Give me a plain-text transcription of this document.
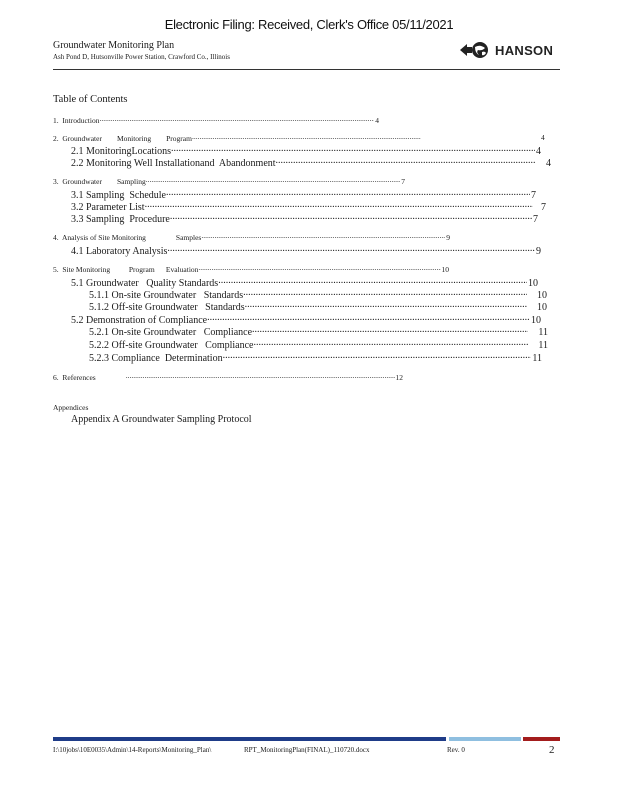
Electronic Filing: Received, Clerk's Office 05/11/2021
Groundwater Monitoring Plan
Ash Pond D, Hutsonville Power Station, Crawford Co., Illinois	HANSON
Table of Contents
1.  Introduction .....	4
2.  Groundwater        Monitoring        Program .....	4
2.1 MonitoringLocations .....	4
2.2 Monitoring Well Installationand  Abandonment .....	4
3.  Groundwater        Sampling .....	7
3.1 Sampling  Schedule .....	7
3.2 Parameter List .....	7
3.3 Sampling  Procedure .....	7
4.  Analysis of Site Monitoring                Samples .....	9
4.1 Laboratory Analysis .....	9
5.  Site Monitoring          Program      Evaluation .....	10
5.1 Groundwater   Quality Standards .....	10
5.1.1 On-site Groundwater   Standards .....	10
5.1.2 Off-site Groundwater   Standards .....	10
5.2 Demonstration of Compliance .....	10
5.2.1 On-site Groundwater   Compliance .....	11
5.2.2 Off-site Groundwater   Compliance .....	11
5.2.3 Compliance  Determination .....	11
6.  References .....	12
Appendices
Appendix A Groundwater Sampling Protocol
I:\10jobs\10E0035\Admin\14-Reports\Monitoring_Plan\	RPT_MonitoringPlan(FINAL)_110720.docx	Rev. 0	2
